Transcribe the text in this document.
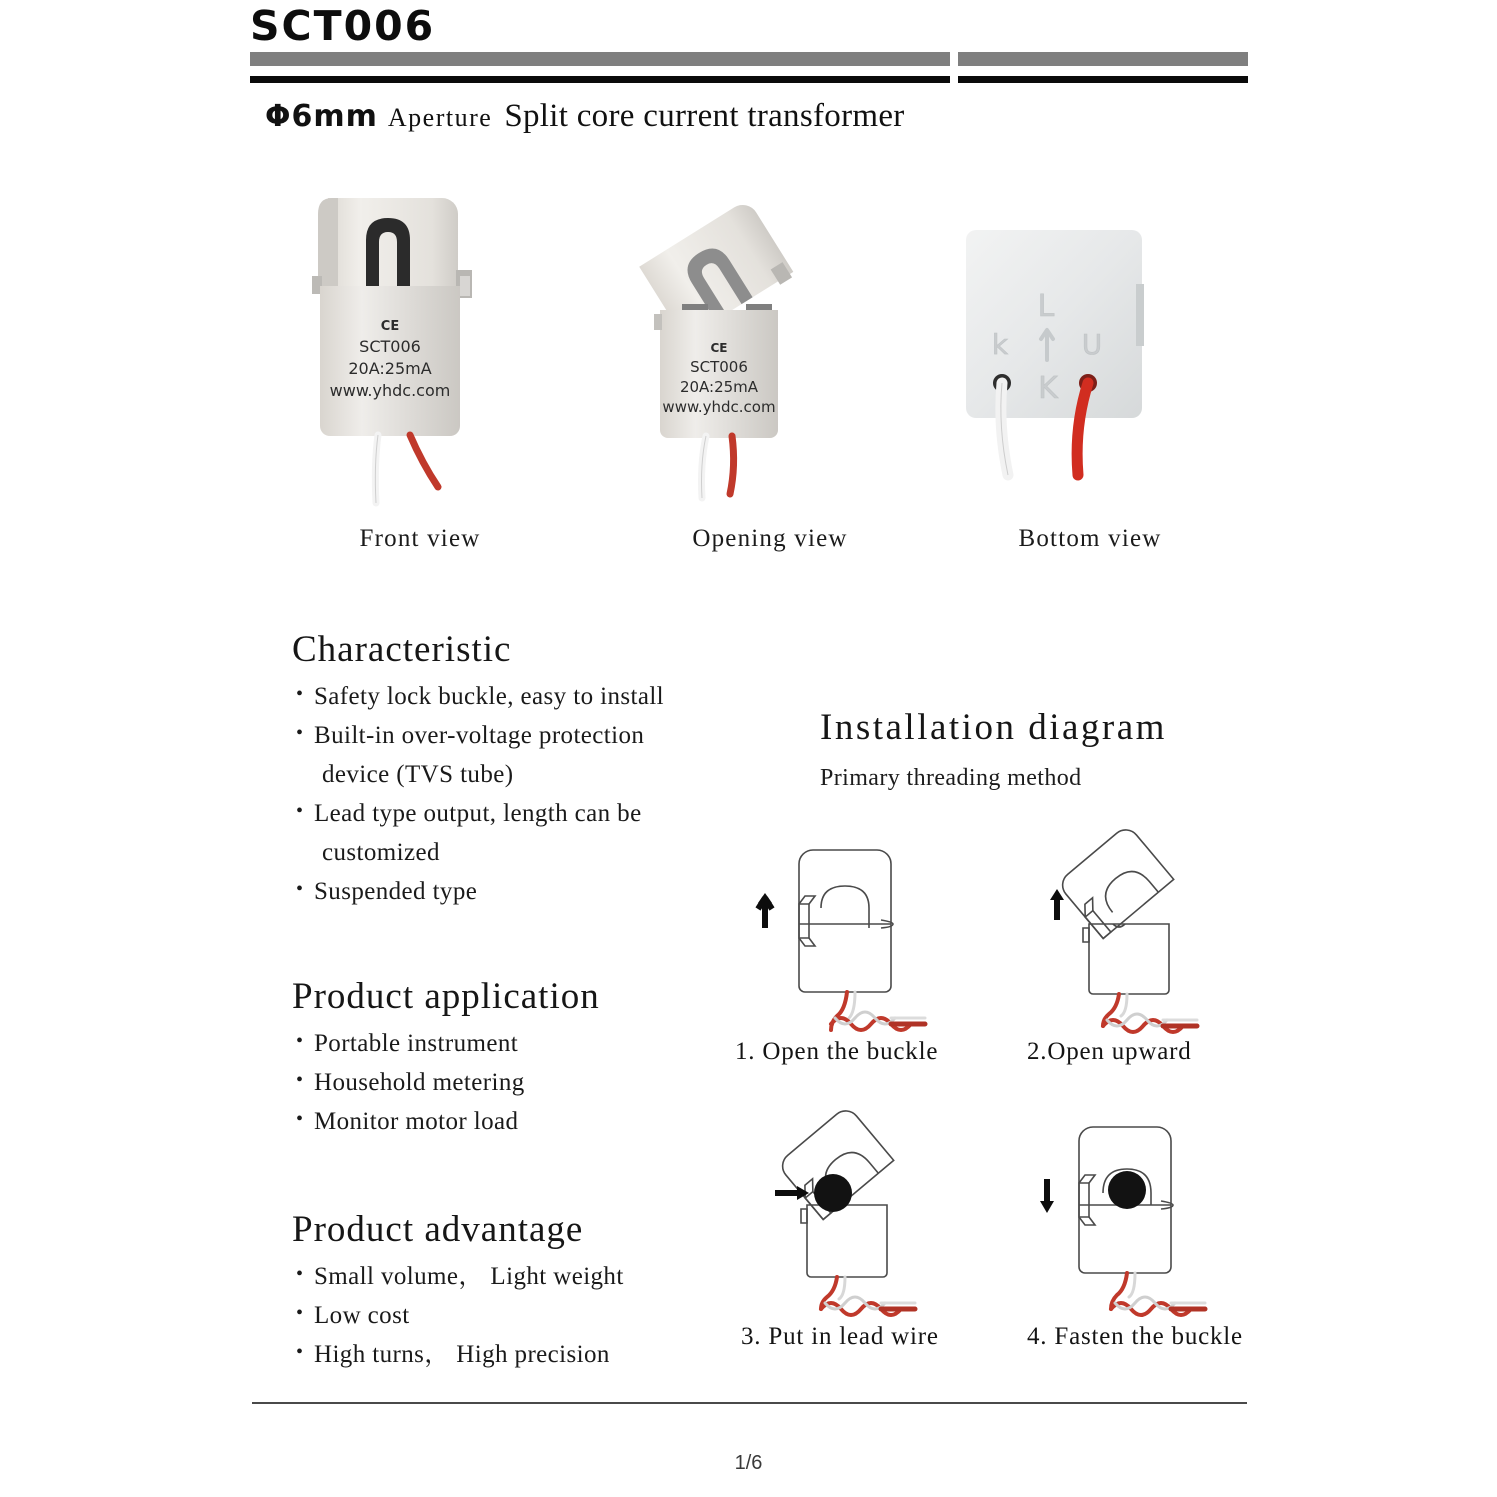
SCT006
Φ6mm Aperture Split core current transformer
CE
SCT006
20A:25mA
www.yhdc.com
Front view
CE
SCT006
20A:25mA
www.yhdc.com
Opening view
L
k	U
K
Bottom view
Characteristic
• Safety lock buckle, easy to install
• Built-in over-voltage protection
device (TVS tube)
• Lead type output, length can be
customized
• Suspended type
Product application
• Portable instrument
• Household metering
• Monitor motor load
Product advantage
• Small volume， Light weight
• Low cost
• High turns， High precision
Installation diagram
Primary threading method
1. Open the buckle	2.Open upward
3. Put in lead wire	4. Fasten the buckle
1/6
